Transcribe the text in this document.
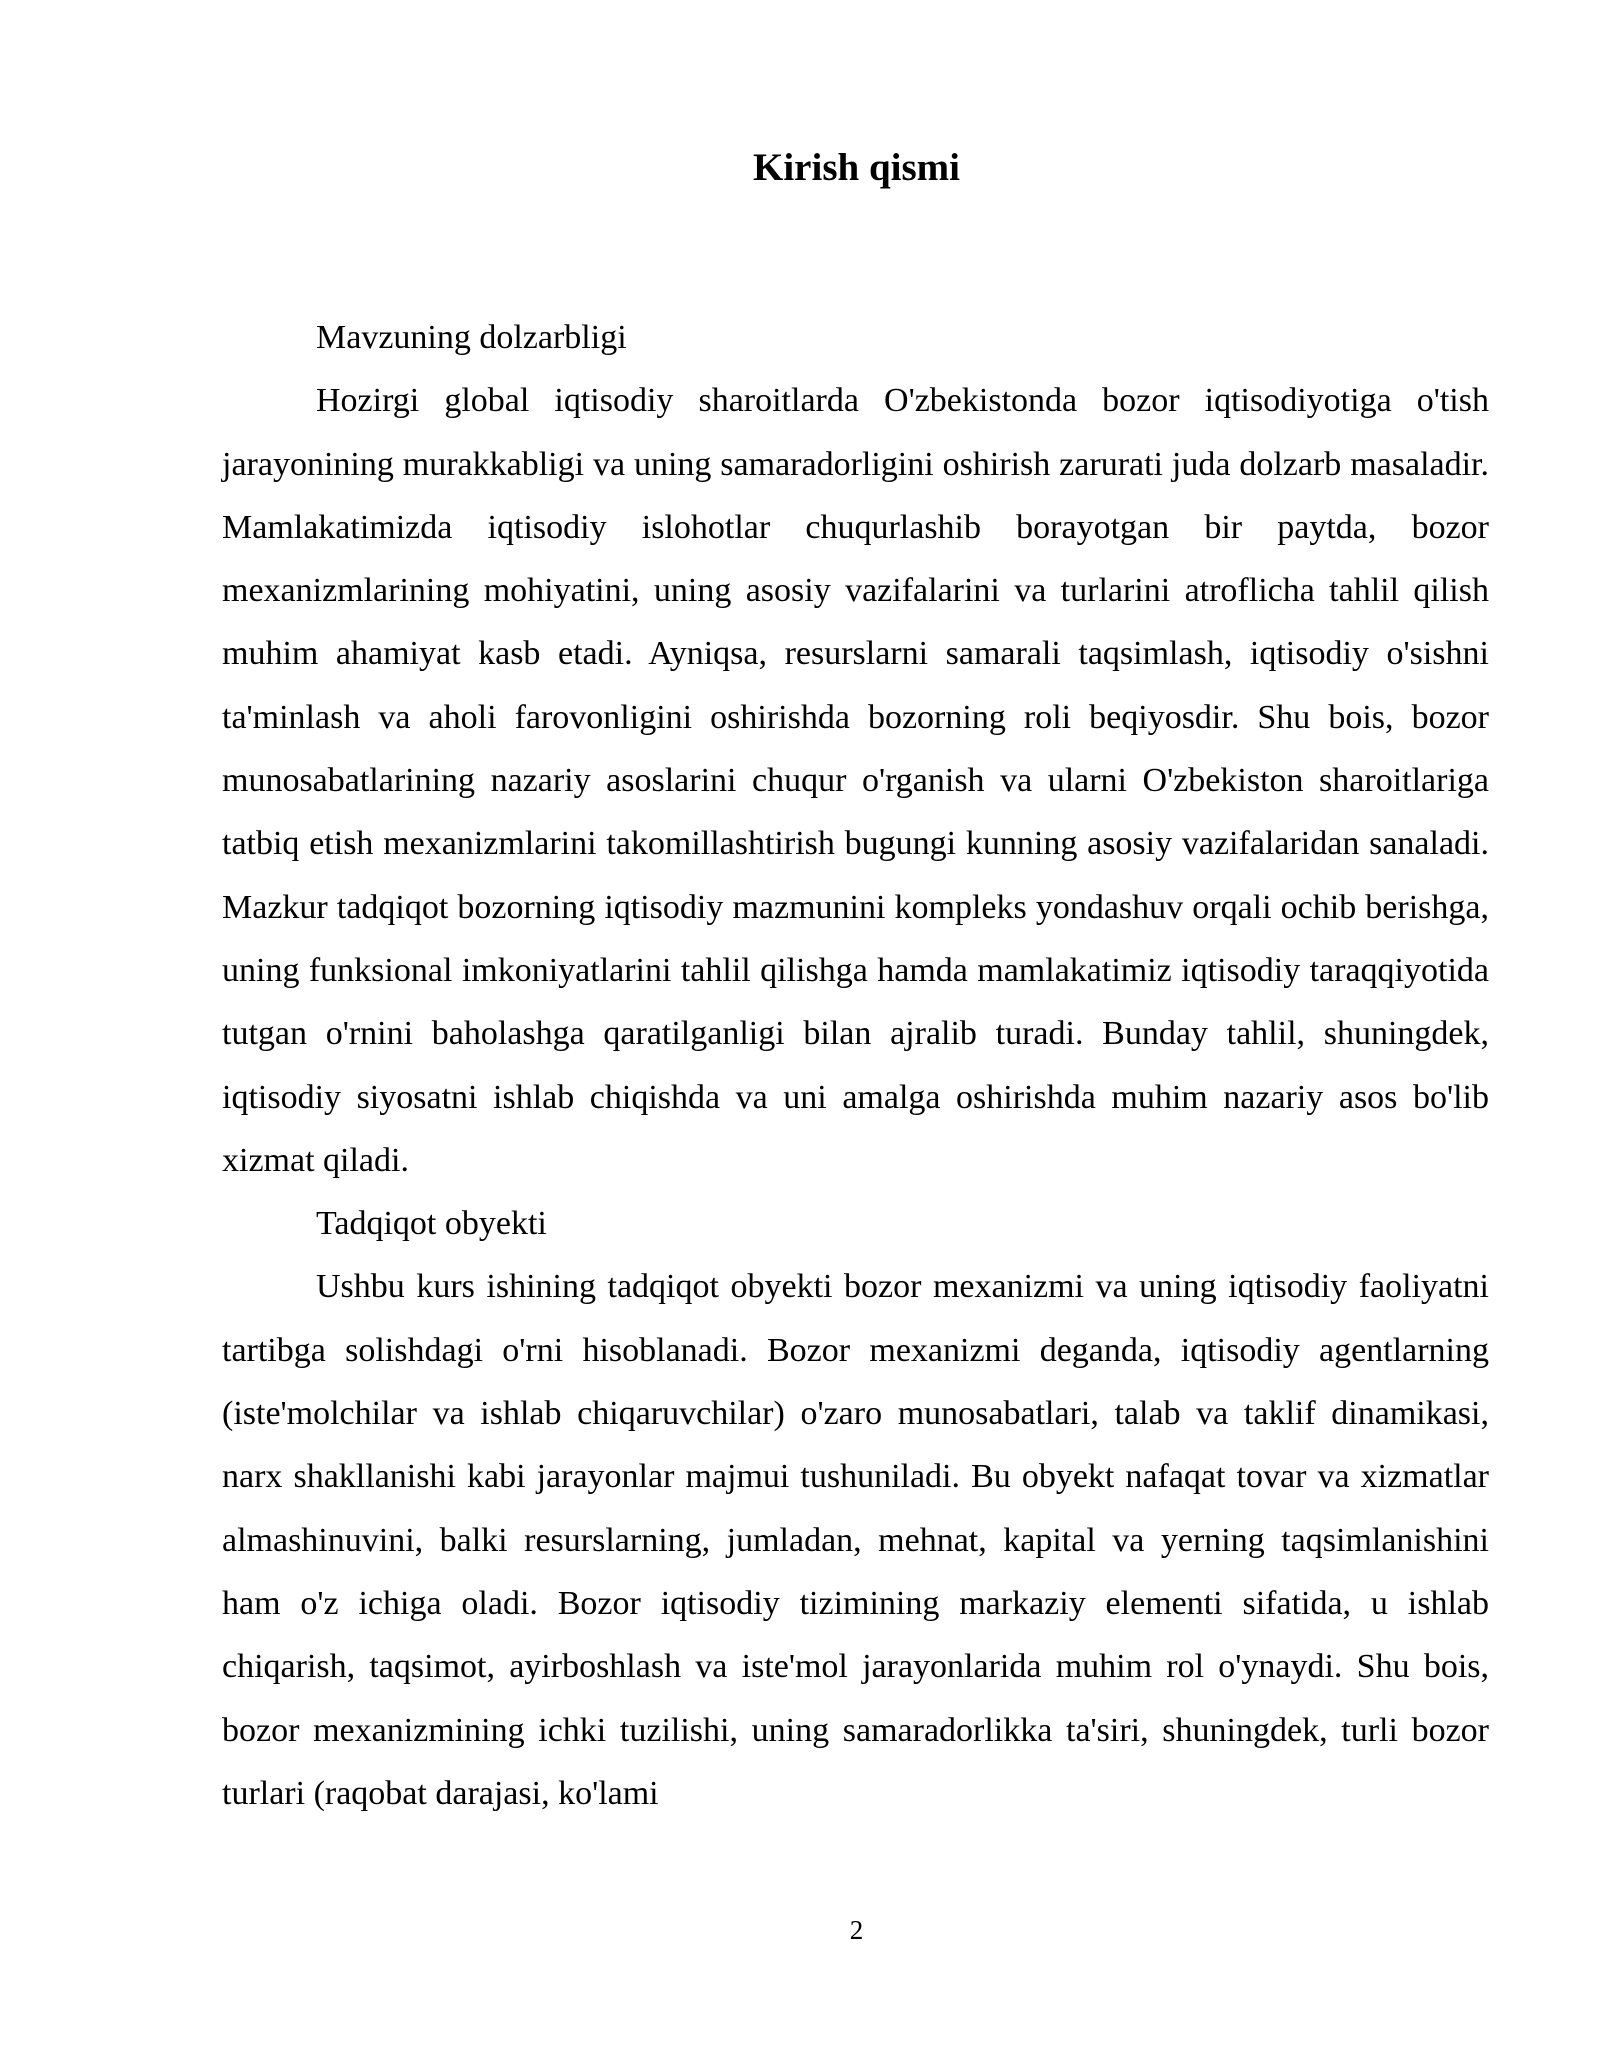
Kirish qismi

Mavzuning dolzarbligi

Hozirgi global iqtisodiy sharoitlarda O'zbekistonda bozor iqtisodiyotiga o'tish jarayonining murakkabligi va uning samaradorligini oshirish zarurati juda dolzarb masaladir. Mamlakatimizda iqtisodiy islohotlar chuqurlashib borayotgan bir paytda, bozor mexanizmlarining mohiyatini, uning asosiy vazifalarini va turlarini atroflicha tahlil qilish muhim ahamiyat kasb etadi. Ayniqsa, resurslarni samarali taqsimlash, iqtisodiy o'sishni ta'minlash va aholi farovonligini oshirishda bozorning roli beqiyosdir. Shu bois, bozor munosabatlarining nazariy asoslarini chuqur o'rganish va ularni O'zbekiston sharoitlariga tatbiq etish mexanizmlarini takomillashtirish bugungi kunning asosiy vazifalaridan sanaladi. Mazkur tadqiqot bozorning iqtisodiy mazmunini kompleks yondashuv orqali ochib berishga, uning funksional imkoniyatlarini tahlil qilishga hamda mamlakatimiz iqtisodiy taraqqiyotida tutgan o'rnini baholashga qaratilganligi bilan ajralib turadi. Bunday tahlil, shuningdek, iqtisodiy siyosatni ishlab chiqishda va uni amalga oshirishda muhim nazariy asos bo'lib xizmat qiladi.

Tadqiqot obyekti

Ushbu kurs ishining tadqiqot obyekti bozor mexanizmi va uning iqtisodiy faoliyatni tartibga solishdagi o'rni hisoblanadi. Bozor mexanizmi deganda, iqtisodiy agentlarning (iste'molchilar va ishlab chiqaruvchilar) o'zaro munosabatlari, talab va taklif dinamikasi, narx shakllanishi kabi jarayonlar majmui tushuniladi. Bu obyekt nafaqat tovar va xizmatlar almashinuvini, balki resurslarning, jumladan, mehnat, kapital va yerning taqsimlanishini ham o'z ichiga oladi. Bozor iqtisodiy tizimining markaziy elementi sifatida, u ishlab chiqarish, taqsimot, ayirboshlash va iste'mol jarayonlarida muhim rol o'ynaydi. Shu bois, bozor mexanizmining ichki tuzilishi, uning samaradorlikka ta'siri, shuningdek, turli bozor turlari (raqobat darajasi, ko'lami

2
